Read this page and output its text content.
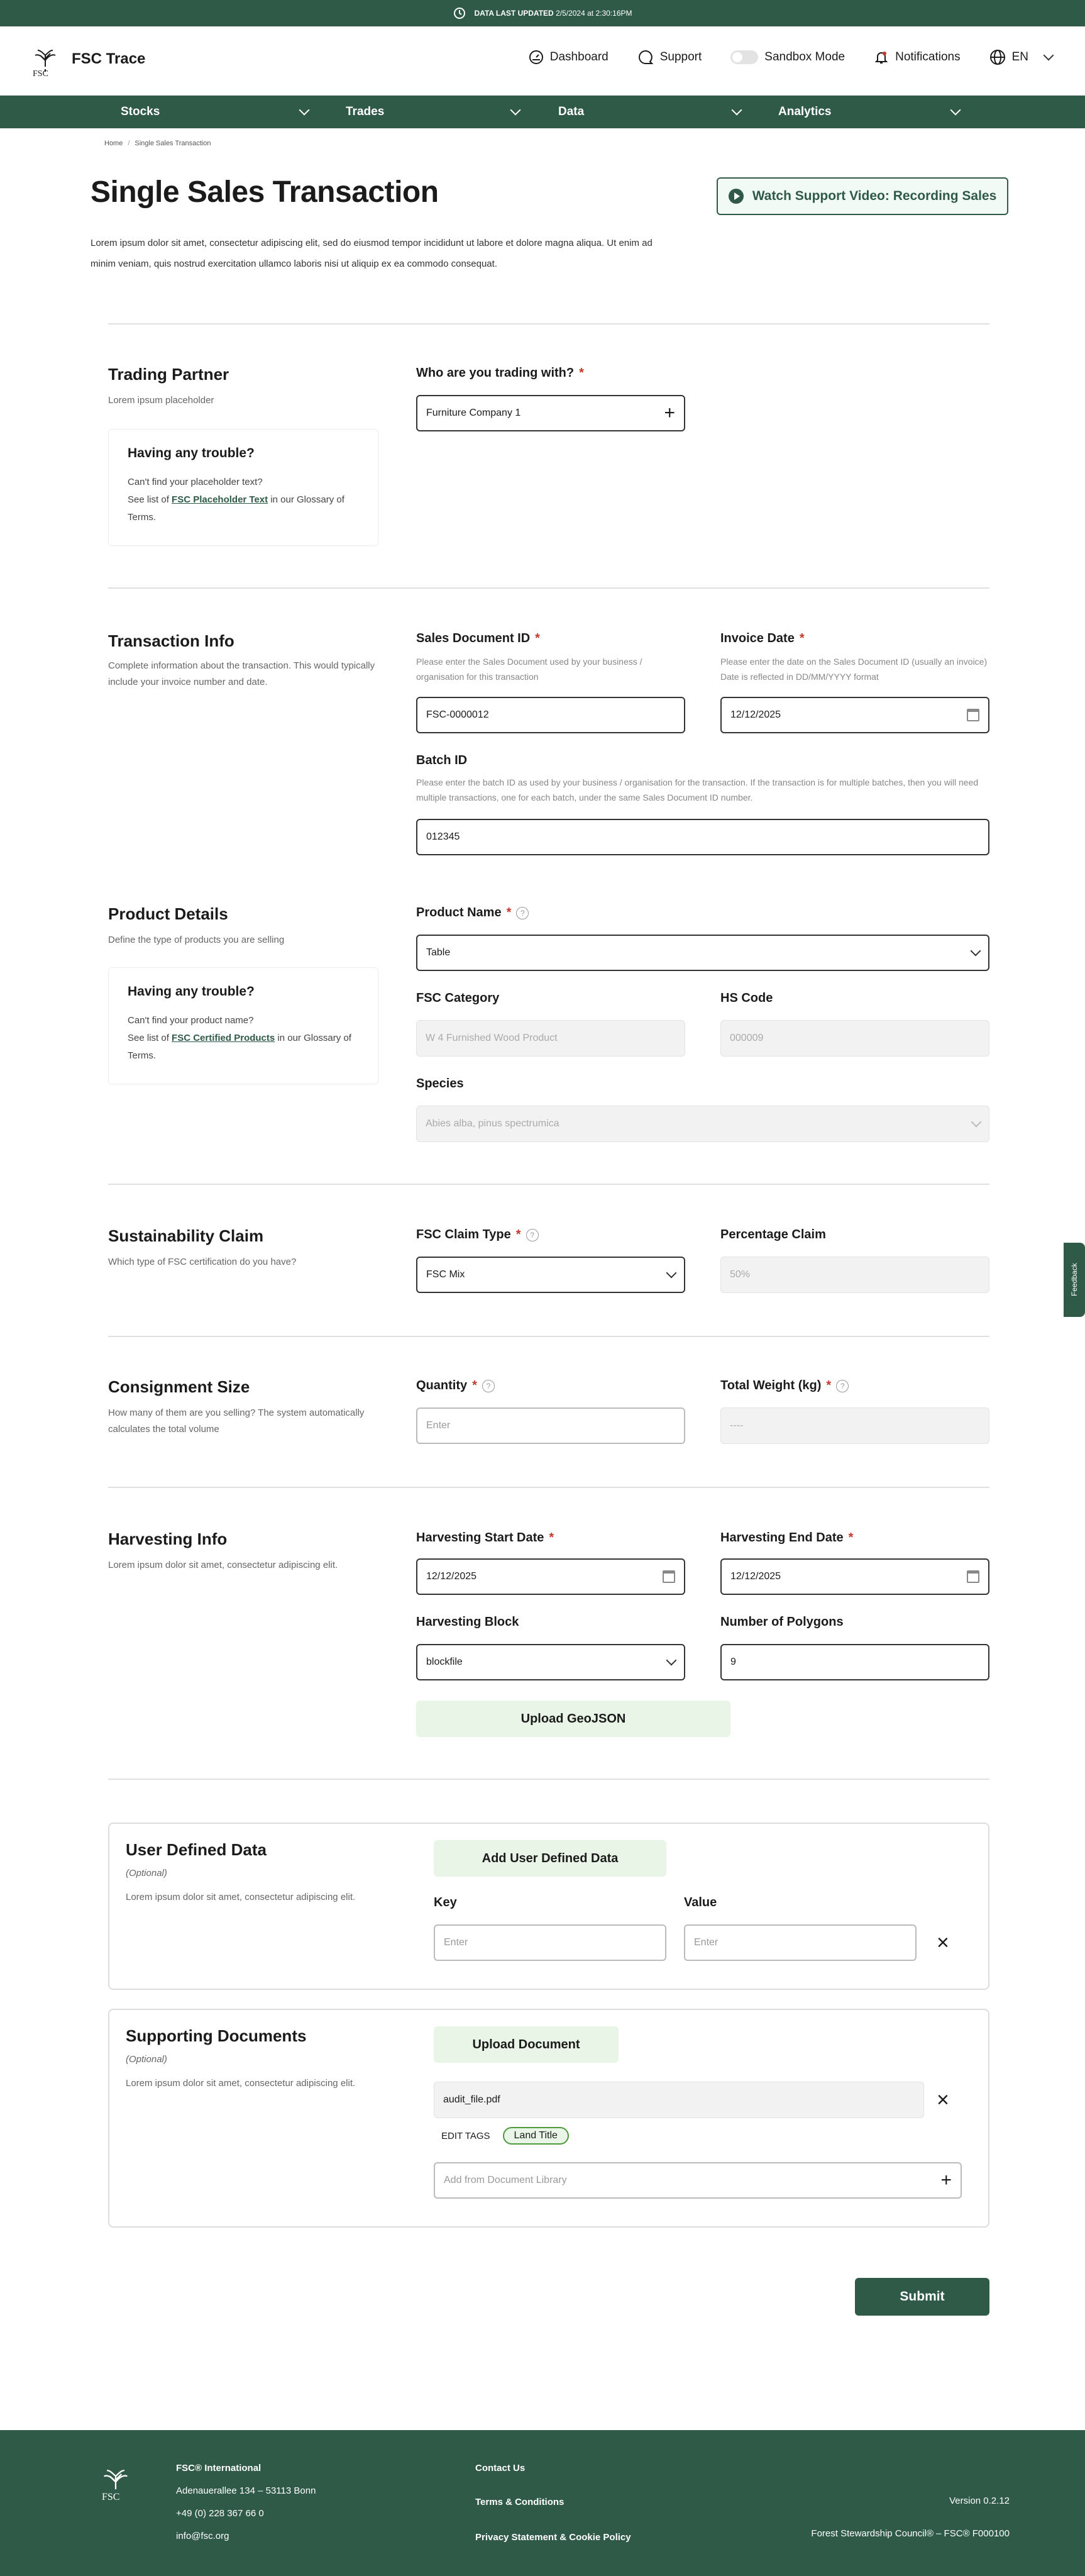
DATA LAST UPDATED 2/5/2024 at 2:30:16PM
FSC
FSC Trace	Dashboard	Support	Sandbox Mode	Notifications	EN
Stocks	Trades	Data	Analytics
Home / Single Sales Transaction
Single Sales Transaction

Lorem ipsum dolor sit amet, consectetur adipiscing elit, sed do eiusmod tempor incididunt ut labore et dolore magna aliqua. Ut enim ad minim veniam, quis nostrud exercitation ullamco laboris nisi ut aliquip ex ea commodo consequat.

Watch Support Video: Recording Sales
Trading Partner
Lorem ipsum placeholder
Having any trouble?

Can't find your placeholder text?
See list of FSC Placeholder Text in our Glossary of Terms.

Who are you trading with? *
Furniture Company 1	+
Transaction Info
Complete information about the transaction. This would typically include your invoice number and date.
Sales Document ID *
Please enter the Sales Document used by your business / organisation for this transaction
FSC-0000012
Invoice Date *
Please enter the date on the Sales Document ID (usually an invoice) Date is reflected in DD/MM/YYYY format
12/12/2025
Batch ID
Please enter the batch ID as used by your business / organisation for the transaction. If the transaction is for multiple batches, then you will need multiple transactions, one for each batch, under the same Sales Document ID number.
012345
Product Details
Define the type of products you are selling
Having any trouble?

Can't find your product name?
See list of FSC Certified Products in our Glossary of Terms.

Product Name *	?
Table
FSC Category
W 4 Furnished Wood Product
HS Code
000009
Species
Abies alba, pinus spectrumica
Sustainability Claim
Which type of FSC certification do you have?
FSC Claim Type *	?
FSC Mix
Percentage Claim
50%
Consignment Size
How many of them are you selling? The system automatically calculates the total volume
Quantity *	?
Enter
Total Weight (kg) *	?
----
Harvesting Info
Lorem ipsum dolor sit amet, consectetur adipiscing elit.
Harvesting Start Date *
12/12/2025
Harvesting End Date *
12/12/2025
Harvesting Block
blockfile
Number of Polygons
9
Upload GeoJSON
User Defined Data
(Optional)
Lorem ipsum dolor sit amet, consectetur adipiscing elit.
Add User Defined Data
Key
Enter
Value
Enter	×
Supporting Documents
(Optional)
Lorem ipsum dolor sit amet, consectetur adipiscing elit.
Upload Document
audit_file.pdf	×
EDIT TAGS	Land Title
Add from Document Library	+
Submit
Feedback
FSC
FSC® International
Adenauerallee 134 – 53113 Bonn
+49 (0) 228 367 66 0
info@fsc.org
Contact Us
Terms & Conditions
Privacy Statement & Cookie Policy
Version 0.2.12
Forest Stewardship Council® – FSC® F000100
